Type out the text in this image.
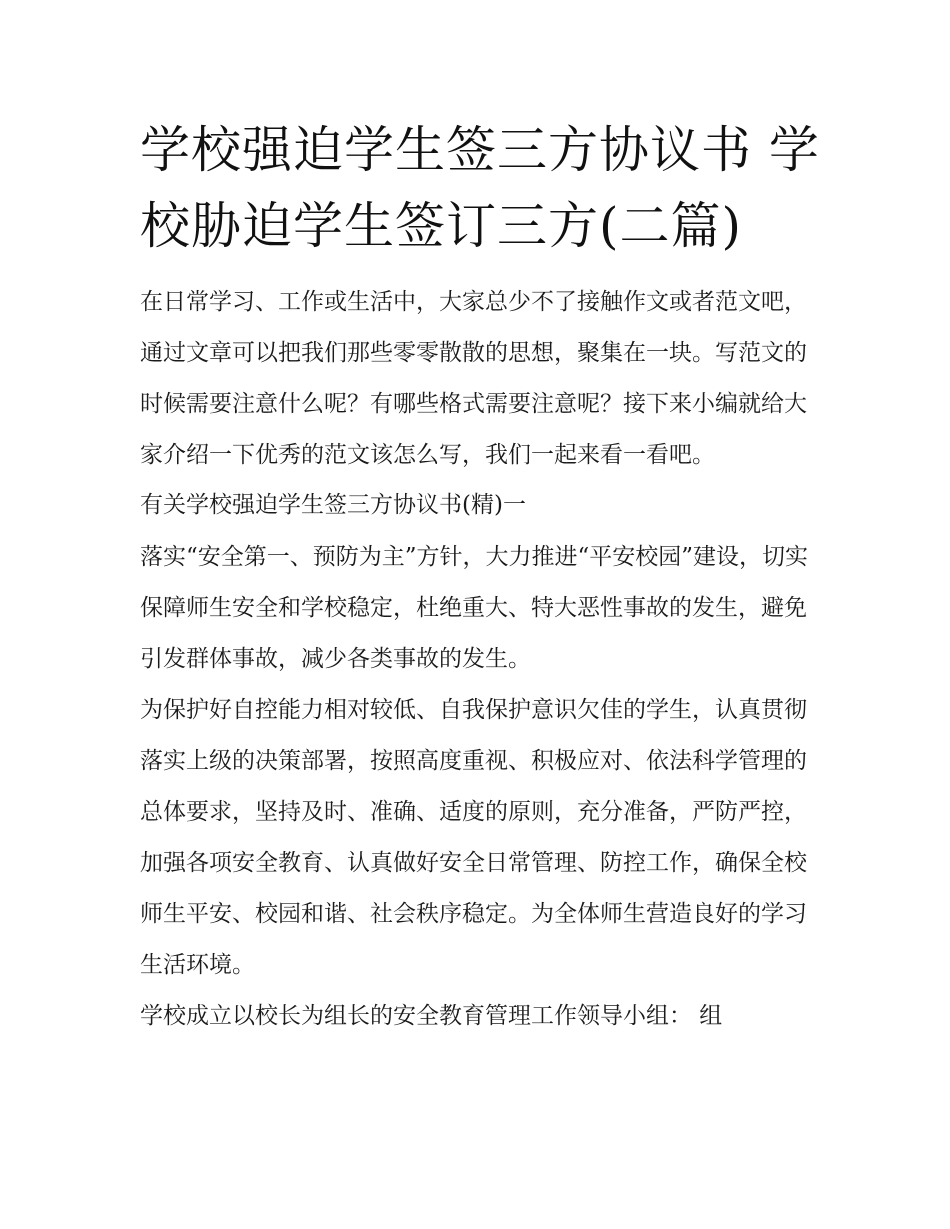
学校强迫学生签三方协议书 学校胁迫学生签订三方(二篇)

在日常学习、工作或生活中，大家总少不了接触作文或者范文吧，通过文章可以把我们那些零零散散的思想，聚集在一块。写范文的时候需要注意什么呢？有哪些格式需要注意呢？接下来小编就给大家介绍一下优秀的范文该怎么写，我们一起来看一看吧。

有关学校强迫学生签三方协议书(精)一

落实“安全第一、预防为主”方针，大力推进“平安校园”建设，切实保障师生安全和学校稳定，杜绝重大、特大恶性事故的发生，避免引发群体事故，减少各类事故的发生。

为保护好自控能力相对较低、自我保护意识欠佳的学生，认真贯彻落实上级的决策部署，按照高度重视、积极应对、依法科学管理的总体要求，坚持及时、准确、适度的原则，充分准备，严防严控，加强各项安全教育、认真做好安全日常管理、防控工作，确保全校师生平安、校园和谐、社会秩序稳定。为全体师生营造良好的学习生活环境。

学校成立以校长为组长的安全教育管理工作领导小组： 组
